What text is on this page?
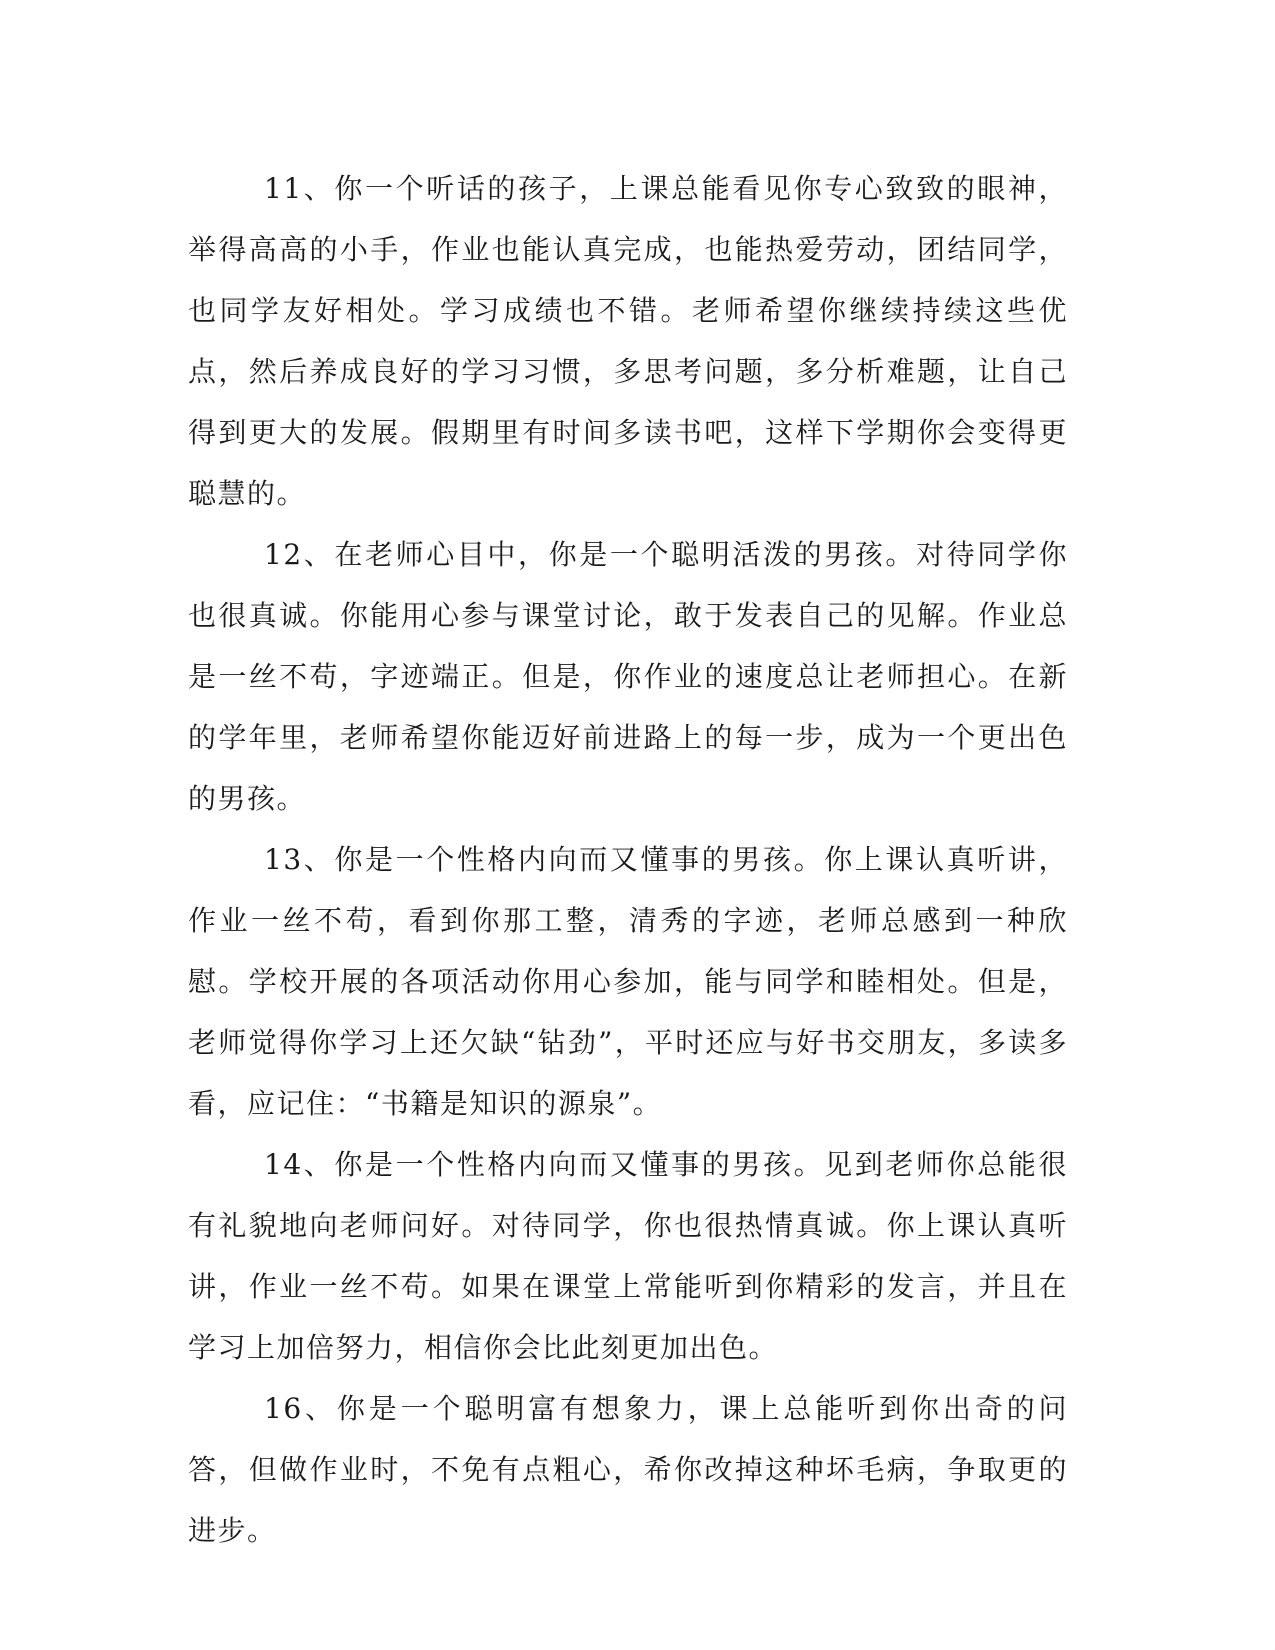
11、你一个听话的孩子，上课总能看见你专心致致的眼神，举得高高的小手，作业也能认真完成，也能热爱劳动，团结同学，也同学友好相处。学习成绩也不错。老师希望你继续持续这些优点，然后养成良好的学习习惯，多思考问题，多分析难题，让自己得到更大的发展。假期里有时间多读书吧，这样下学期你会变得更聪慧的。

12、在老师心目中，你是一个聪明活泼的男孩。对待同学你也很真诚。你能用心参与课堂讨论，敢于发表自己的见解。作业总是一丝不苟，字迹端正。但是，你作业的速度总让老师担心。在新的学年里，老师希望你能迈好前进路上的每一步，成为一个更出色的男孩。

13、你是一个性格内向而又懂事的男孩。你上课认真听讲，作业一丝不苟，看到你那工整，清秀的字迹，老师总感到一种欣慰。学校开展的各项活动你用心参加，能与同学和睦相处。但是，老师觉得你学习上还欠缺“钻劲”，平时还应与好书交朋友，多读多看，应记住：“书籍是知识的源泉”。

14、你是一个性格内向而又懂事的男孩。见到老师你总能很有礼貌地向老师问好。对待同学，你也很热情真诚。你上课认真听讲，作业一丝不苟。如果在课堂上常能听到你精彩的发言，并且在学习上加倍努力，相信你会比此刻更加出色。

16、你是一个聪明富有想象力，课上总能听到你出奇的问答，但做作业时，不免有点粗心，希你改掉这种坏毛病，争取更的进步。
